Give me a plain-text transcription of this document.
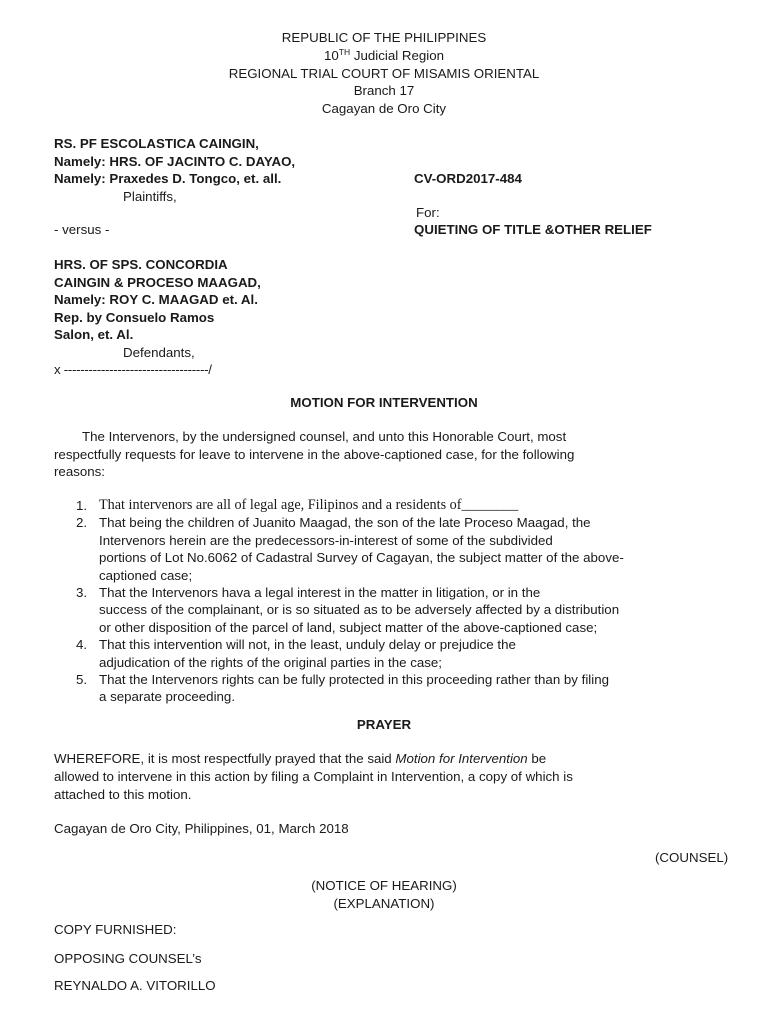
REPUBLIC OF THE PHILIPPINES
10TH Judicial Region
REGIONAL TRIAL COURT OF MISAMIS ORIENTAL
Branch 17
Cagayan de Oro City
RS. PF ESCOLASTICA CAINGIN,
Namely: HRS. OF JACINTO C. DAYAO,
Namely: Praxedes D. Tongco, et. all.
Plaintiffs,
CV-ORD2017-484
For:
- versus -	QUIETING OF TITLE &OTHER RELIEF
HRS. OF SPS. CONCORDIA
CAINGIN & PROCESO MAAGAD,
Namely: ROY C. MAAGAD et. Al.
Rep. by Consuelo Ramos
Salon, et. Al.
Defendants,
x -----------------------------------/
MOTION FOR INTERVENTION
The Intervenors, by the undersigned counsel, and unto this Honorable Court, most
respectfully requests for leave to intervene in the above-captioned case, for the following
reasons:
1. That intervenors are all of legal age, Filipinos and a residents of________
2. That being the children of Juanito Maagad, the son of the late Proceso Maagad, the
Intervenors herein are the predecessors-in-interest of some of the subdivided
portions of Lot No.6062 of Cadastral Survey of Cagayan, the subject matter of the above-
captioned case;
3. That the Intervenors hava a legal interest in the matter in litigation, or in the
success of the complainant, or is so situated as to be adversely affected by a distribution
or other disposition of the parcel of land, subject matter of the above-captioned case;
4. That this intervention will not, in the least, unduly delay or prejudice the
adjudication of the rights of the original parties in the case;
5. That the Intervenors rights can be fully protected in this proceeding rather than by filing
a separate proceeding.
PRAYER
WHEREFORE, it is most respectfully prayed that the said Motion for Intervention be
allowed to intervene in this action by filing a Complaint in Intervention, a copy of which is
attached to this motion.
Cagayan de Oro City, Philippines, 01, March 2018
(COUNSEL)
(NOTICE OF HEARING)
(EXPLANATION)
COPY FURNISHED:
OPPOSING COUNSEL’s
REYNALDO A. VITORILLO
